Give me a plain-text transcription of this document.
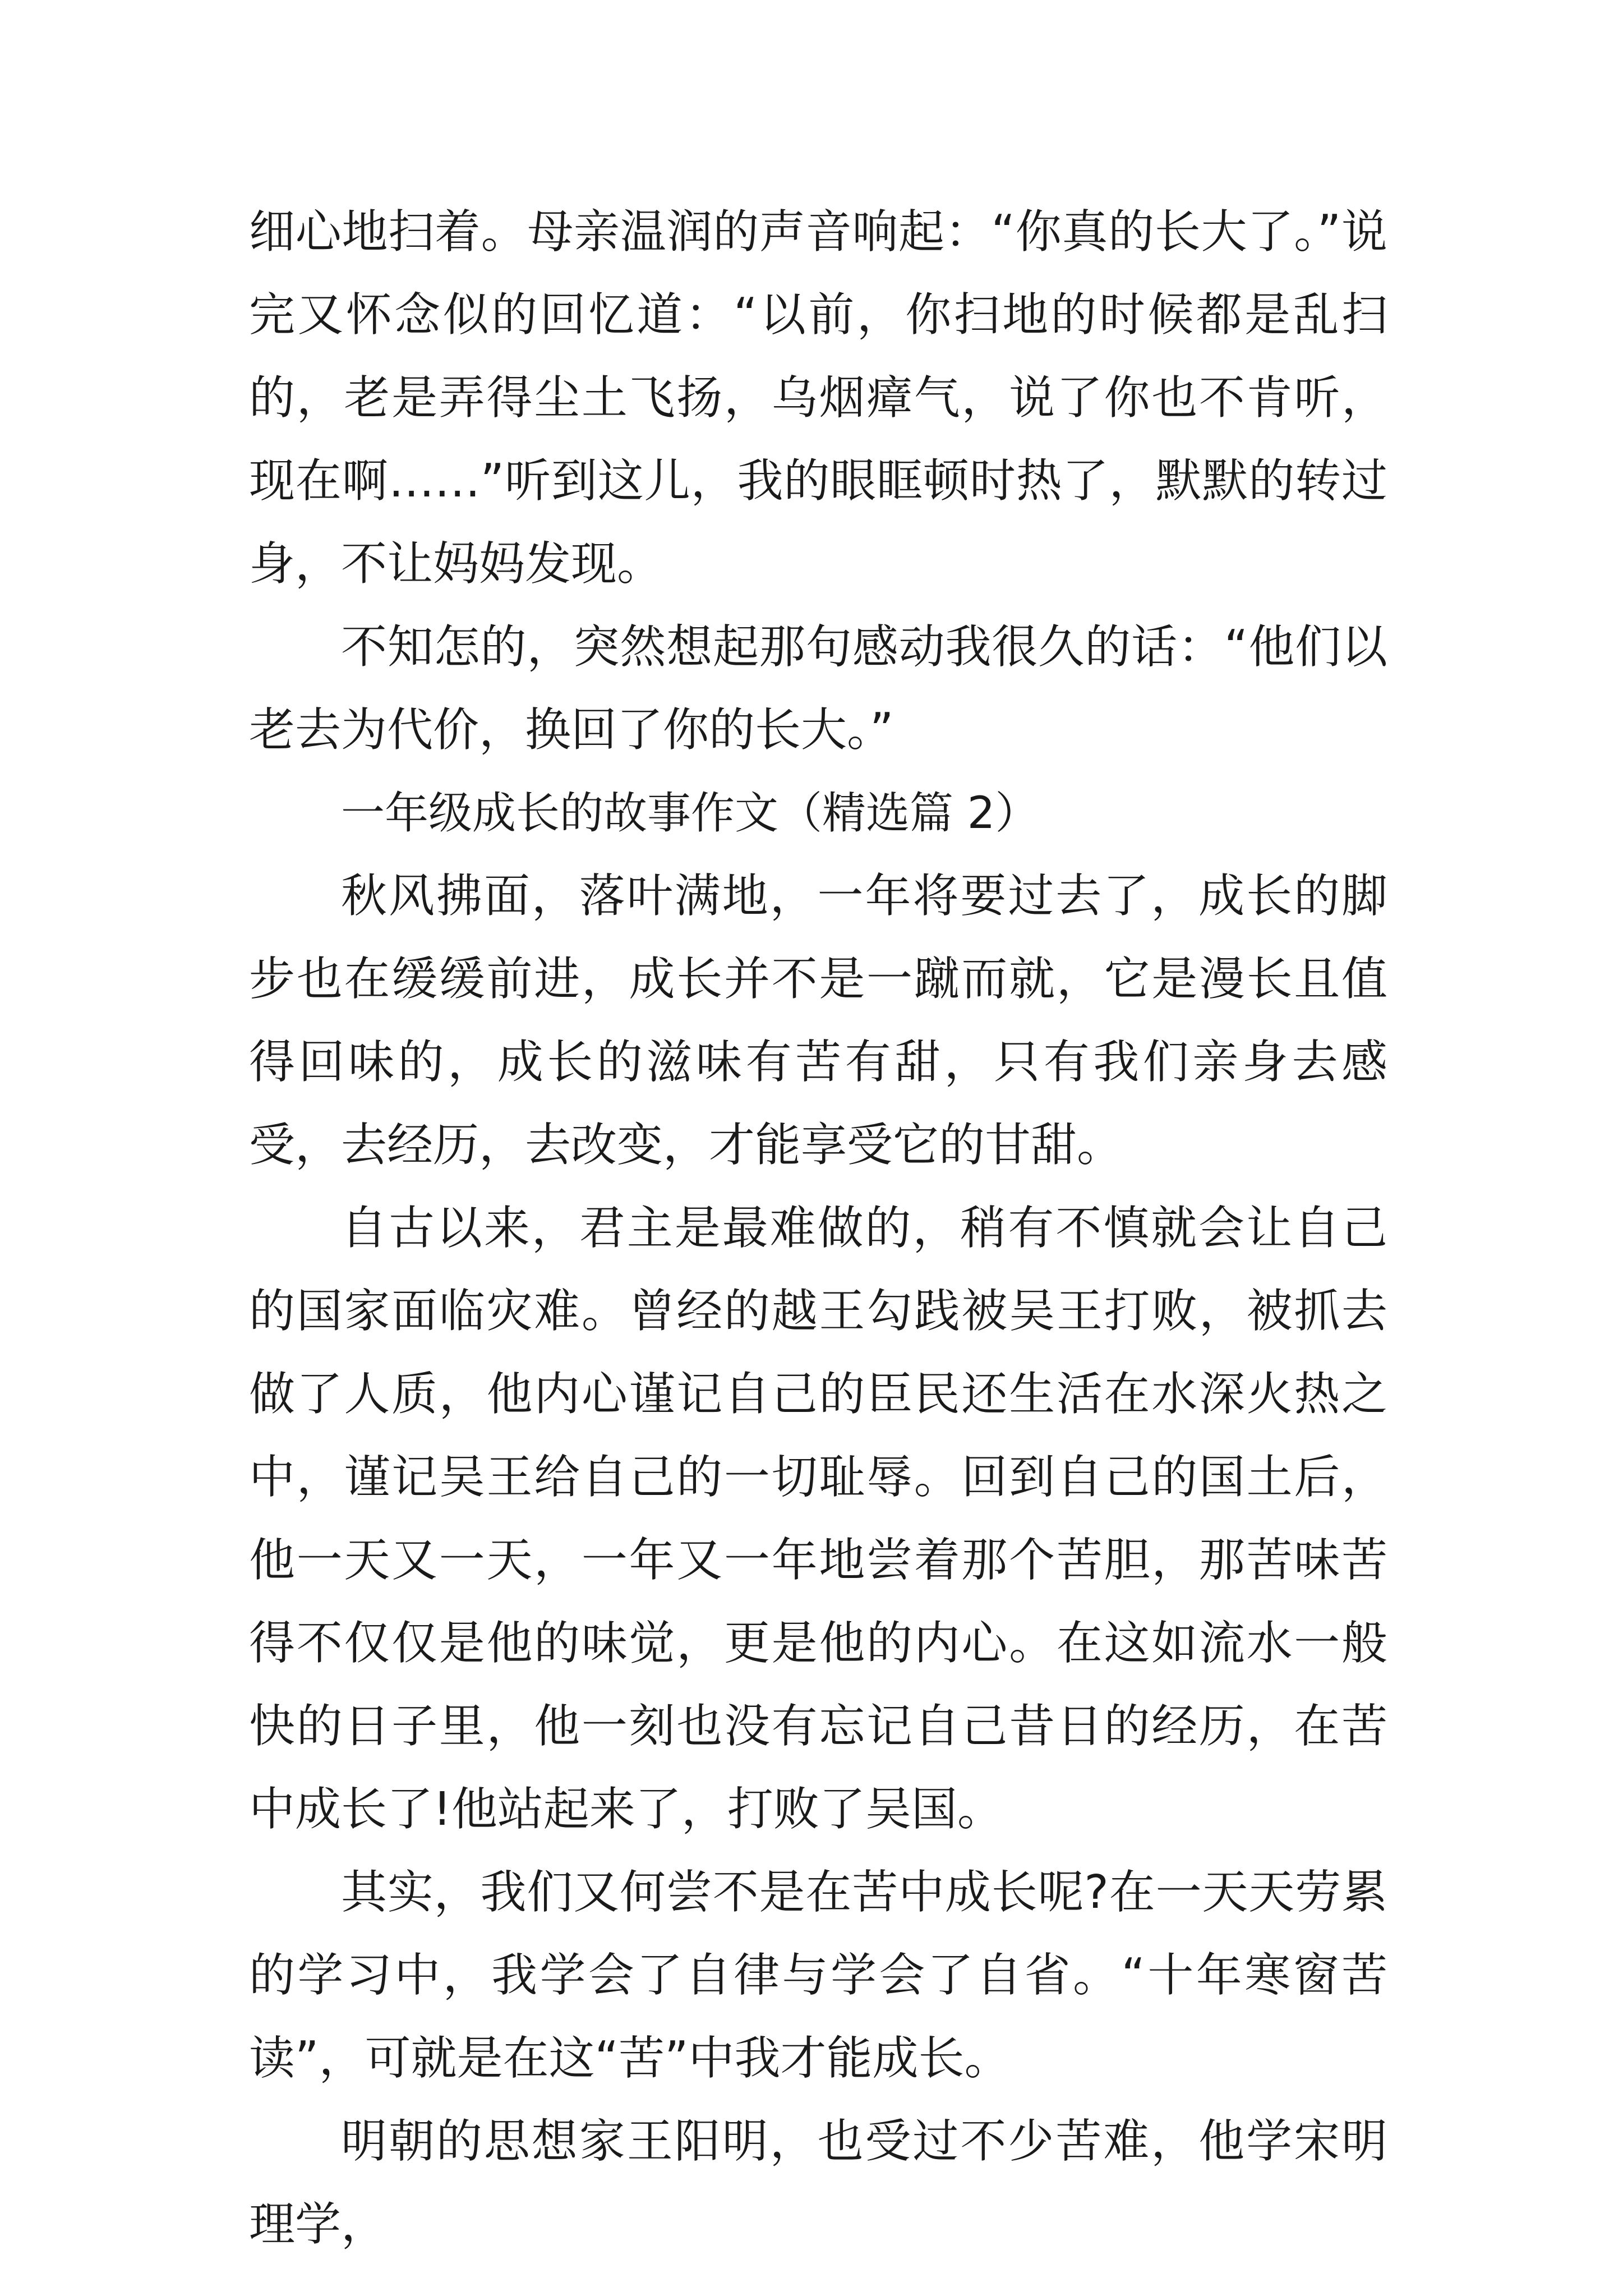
细心地扫着。母亲温润的声音响起：“你真的长大了。”说完又怀念似的回忆道：“以前，你扫地的时候都是乱扫的，老是弄得尘土飞扬，乌烟瘴气，说了你也不肯听，现在啊……”听到这儿，我的眼眶顿时热了，默默的转过身，不让妈妈发现。

不知怎的，突然想起那句感动我很久的话：“他们以老去为代价，换回了你的长大。”

一年级成长的故事作文（精选篇 2）

秋风拂面，落叶满地，一年将要过去了，成长的脚步也在缓缓前进，成长并不是一蹴而就，它是漫长且值得回味的，成长的滋味有苦有甜，只有我们亲身去感受，去经历，去改变，才能享受它的甘甜。

自古以来，君主是最难做的，稍有不慎就会让自己的国家面临灾难。曾经的越王勾践被吴王打败，被抓去做了人质，他内心谨记自己的臣民还生活在水深火热之中，谨记吴王给自己的一切耻辱。回到自己的国土后，他一天又一天，一年又一年地尝着那个苦胆，那苦味苦得不仅仅是他的味觉，更是他的内心。在这如流水一般快的日子里，他一刻也没有忘记自己昔日的经历，在苦中成长了!他站起来了，打败了吴国。

其实，我们又何尝不是在苦中成长呢?在一天天劳累的学习中，我学会了自律与学会了自省。“十年寒窗苦读”，可就是在这“苦”中我才能成长。

明朝的思想家王阳明，也受过不少苦难，他学宋明理学，
